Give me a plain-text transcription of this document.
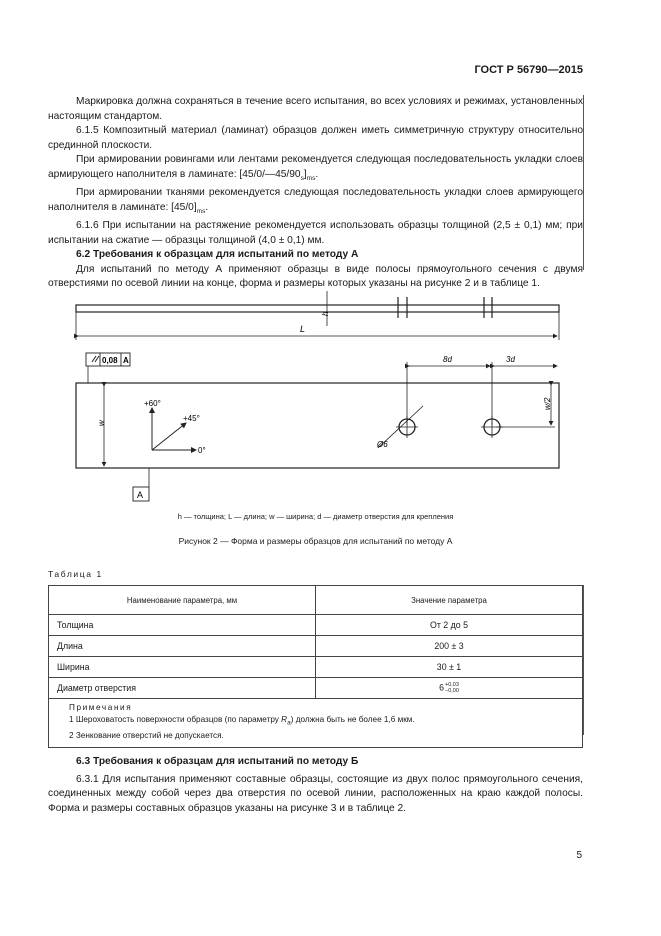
ГОСТ Р 56790—2015

Маркировка должна сохраняться в течение всего испытания, во всех условиях и режимах, установленных настоящим стандартом.

6.1.5 Композитный материал (ламинат) образцов должен иметь симметричную структуру относительно срединной плоскости.

При армировании ровингами или лентами рекомендуется следующая последовательность укладки слоев армирующего наполнителя в ламинате: $[45/0/—45/90_s]_{ms}$.

При армировании тканями рекомендуется следующая последовательность укладки слоев армирующего наполнителя в ламинате: $[45/0]_{ms}$.

6.1.6 При испытании на растяжение рекомендуется использовать образцы толщиной (2,5 ± 0,1) мм; при испытании на сжатие — образцы толщиной (4,0 ± 0,1) мм.

6.2 Требования к образцам для испытаний по методу А

Для испытаний по методу А применяют образцы в виде полосы прямоугольного сечения с двумя отверстиями по осевой линии на конце, форма и размеры которых указаны на рисунке 2 и в таблице 1.

h
L
0,08 A
А
8d	3d
w/2
w
+60°
+45°
0°
Ø6
h — толщина; L — длина; w — ширина; d — диаметр отверстия для крепления
Рисунок 2 — Форма и размеры образцов для испытаний по методу А
Таблица 1
Наименование параметра, мм	Значение параметра
Толщина	От 2 до 5
Длина	200 ± 3
Ширина	30 ± 1
Диаметр отверстия	6+0,03
−0,00

Примечания
1 Шероховатость поверхности образцов (по параметру $R_a$) должна быть не более 1,6 мкм.
2 Зенкование отверстий не допускается.	

6.3 Требования к образцам для испытаний по методу Б

6.3.1 Для испытания применяют составные образцы, состоящие из двух полос прямоугольного сечения, соединенных между собой через два отверстия по осевой линии, расположенных на краю каждой полосы. Форма и размеры составных образцов указаны на рисунке 3 и в таблице 2.

5
